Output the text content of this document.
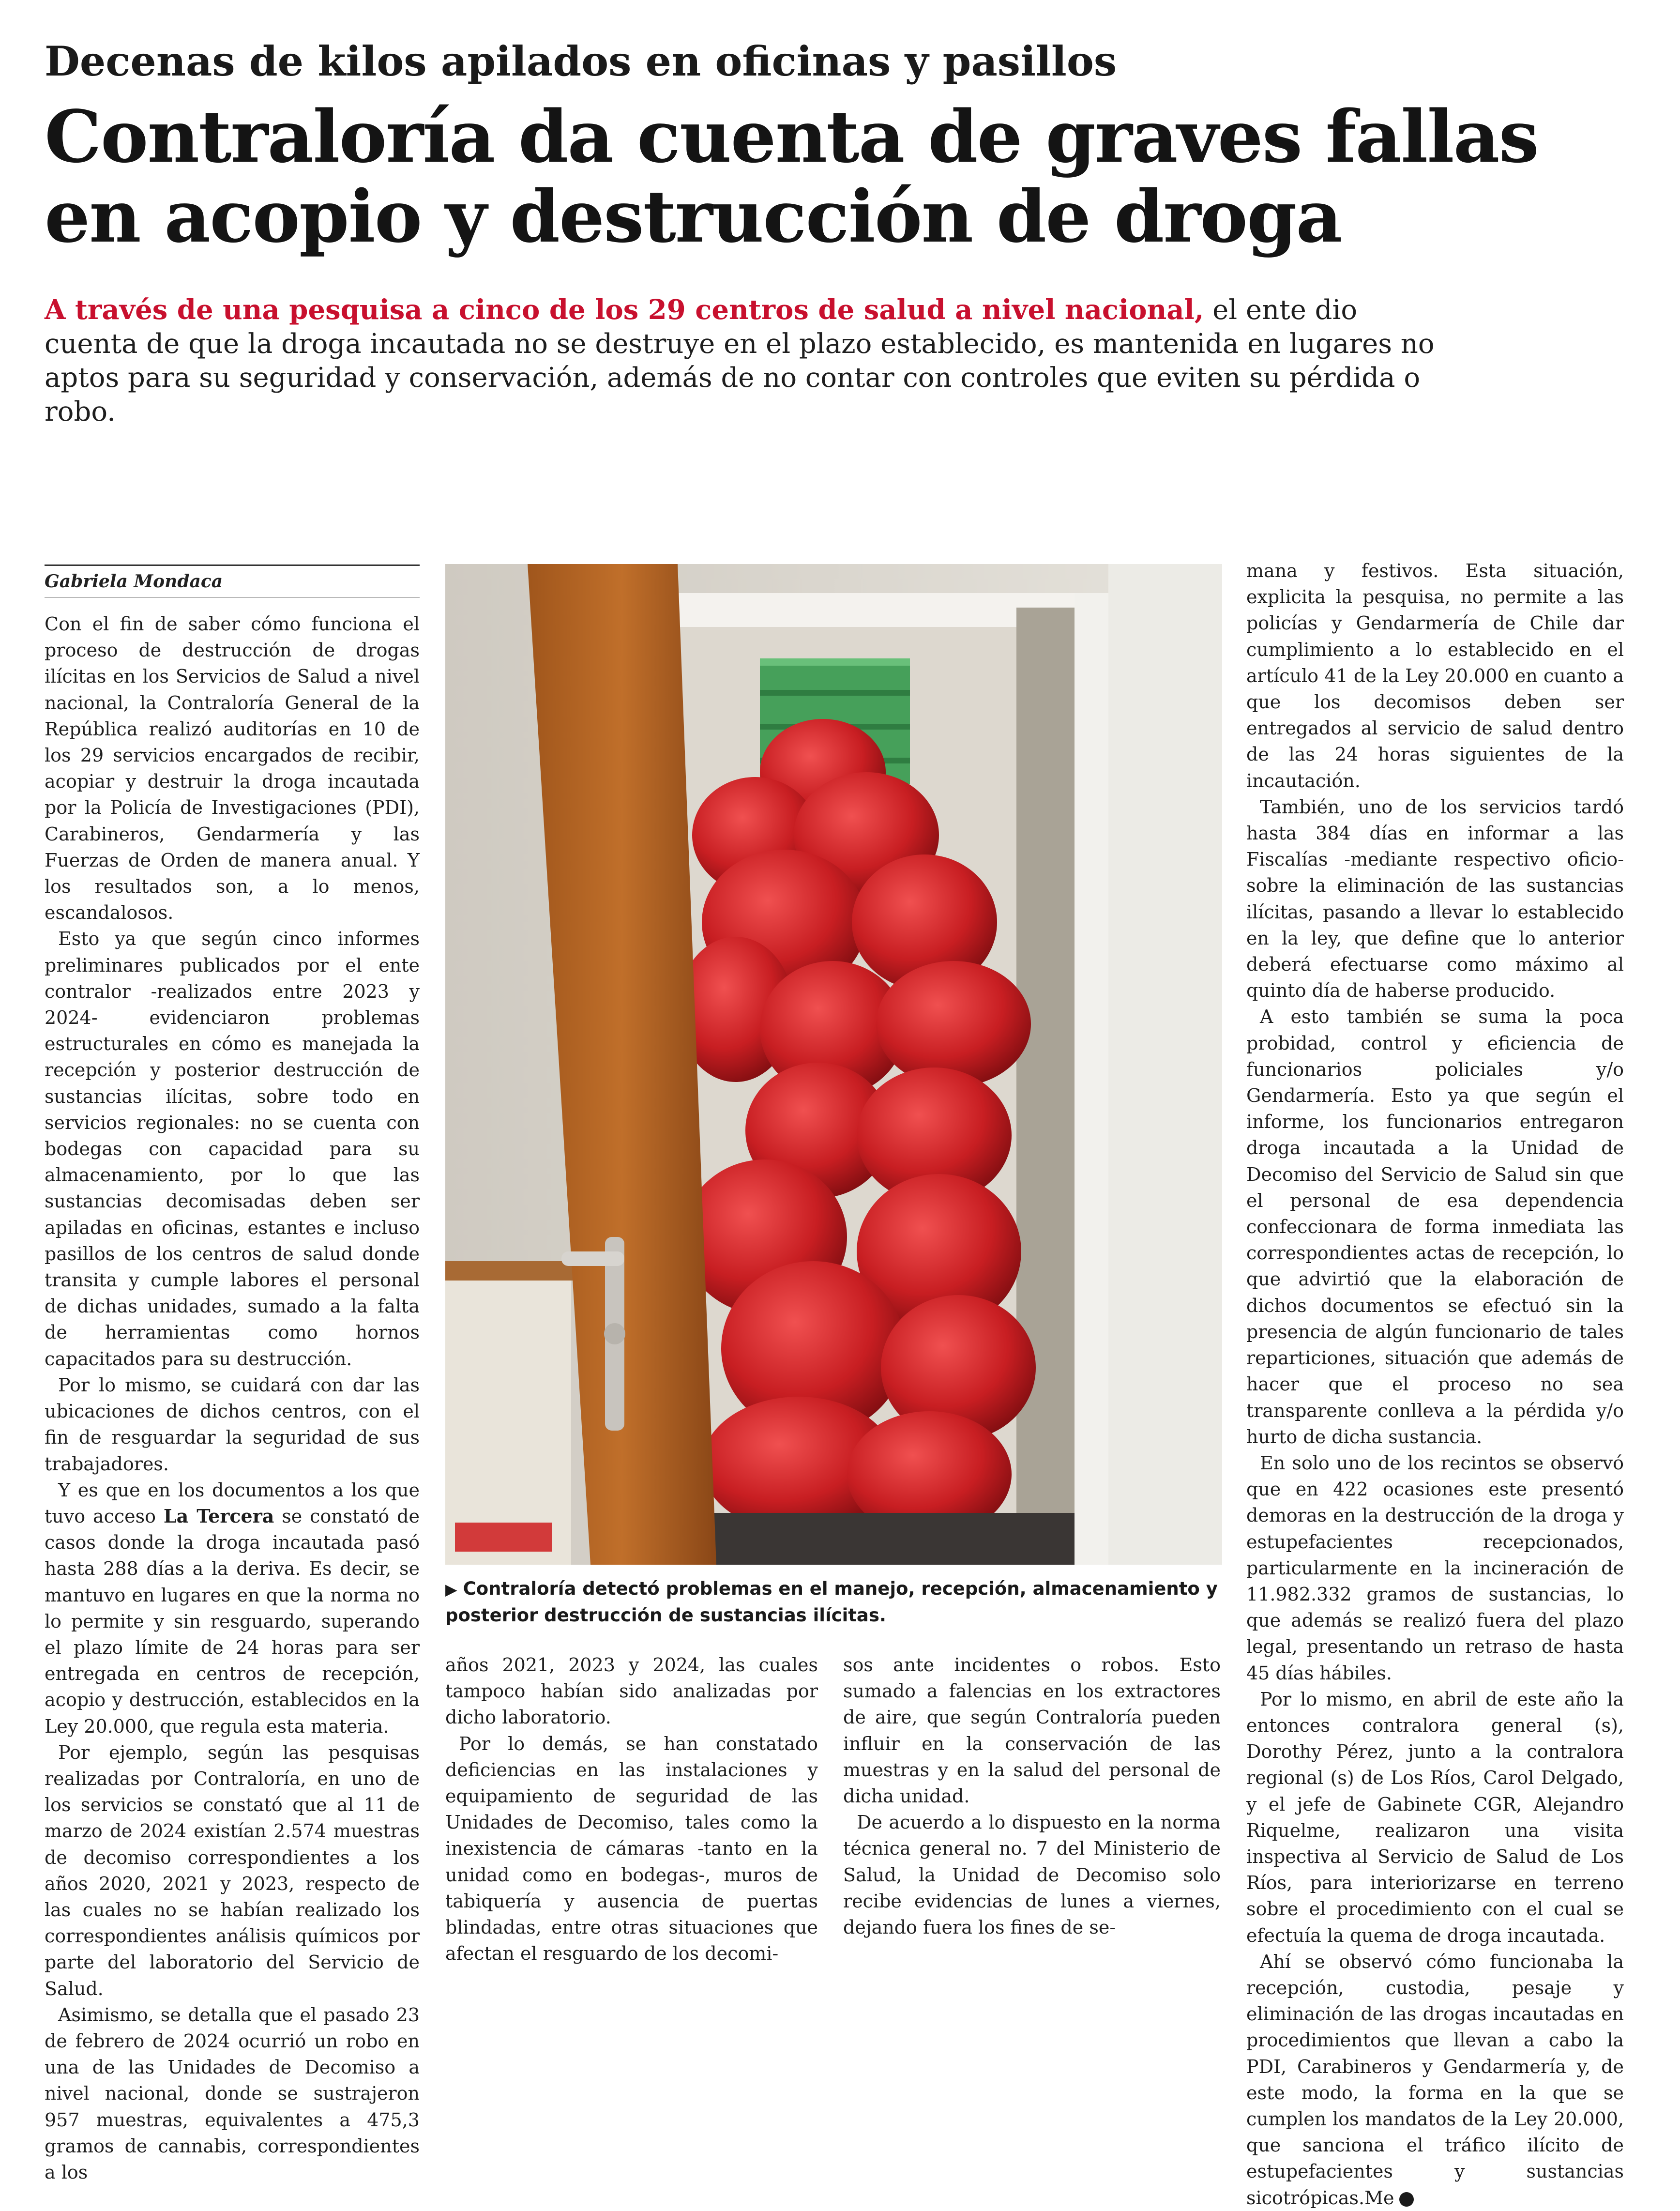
Decenas de kilos apilados en oficinas y pasillos
Contraloría da cuenta de graves fallas
en acopio y destrucción de droga

A través de una pesquisa a cinco de los 29 centros de salud a nivel nacional, el ente dio cuenta de que la droga incautada no se destruye en el plazo establecido, es mantenida en lugares no aptos para su seguridad y conservación, además de no contar con controles que eviten su pérdida o robo.

Gabriela Mondaca

Con el fin de saber cómo funciona el proceso de destrucción de drogas ilícitas en los Servicios de Salud a nivel nacional, la Contraloría General de la República realizó auditorías en 10 de los 29 servicios encargados de recibir, acopiar y destruir la droga incautada por la Policía de Investigaciones (PDI), Carabineros, Gendarmería y las Fuerzas de Orden de manera anual. Y los resultados son, a lo menos, escandalosos.

Esto ya que según cinco informes preliminares publicados por el ente contralor -realizados entre 2023 y 2024- evidenciaron problemas estructurales en cómo es manejada la recepción y posterior destrucción de sustancias ilícitas, sobre todo en servicios regionales: no se cuenta con bodegas con capacidad para su almacenamiento, por lo que las sustancias decomisadas deben ser apiladas en oficinas, estantes e incluso pasillos de los centros de salud donde transita y cumple labores el personal de dichas unidades, sumado a la falta de herramientas como hornos capacitados para su destrucción.

Por lo mismo, se cuidará con dar las ubicaciones de dichos centros, con el fin de resguardar la seguridad de sus trabajadores.

Y es que en los documentos a los que tuvo acceso La Tercera se constató de casos donde la droga incautada pasó hasta 288 días a la deriva. Es decir, se mantuvo en lugares en que la norma no lo permite y sin resguardo, superando el plazo límite de 24 horas para ser entregada en centros de recepción, acopio y destrucción, establecidos en la Ley 20.000, que regula esta materia.

Por ejemplo, según las pesquisas realizadas por Contraloría, en uno de los servicios se constató que al 11 de marzo de 2024 existían 2.574 muestras de decomiso correspondientes a los años 2020, 2021 y 2023, respecto de las cuales no se habían realizado los correspondientes análisis químicos por parte del laboratorio del Servicio de Salud.

Asimismo, se detalla que el pasado 23 de febrero de 2024 ocurrió un robo en una de las Unidades de Decomiso a nivel nacional, donde se sustrajeron 957 muestras, equivalentes a 475,3 gramos de cannabis, correspondientes a los

▶ Contraloría detectó problemas en el manejo, recepción, almacenamiento y posterior destrucción de sustancias ilícitas.

años 2021, 2023 y 2024, las cuales tampoco habían sido analizadas por dicho laboratorio.

Por lo demás, se han constatado deficiencias en las instalaciones y equipamiento de seguridad de las Unidades de Decomiso, tales como la inexistencia de cámaras -tanto en la unidad como en bodegas-, muros de tabiquería y ausencia de puertas blindadas, entre otras situaciones que afectan el resguardo de los decomi-

sos ante incidentes o robos. Esto sumado a falencias en los extractores de aire, que según Contraloría pueden influir en la conservación de las muestras y en la salud del personal de dicha unidad.

De acuerdo a lo dispuesto en la norma técnica general no. 7 del Ministerio de Salud, la Unidad de Decomiso solo recibe evidencias de lunes a viernes, dejando fuera los fines de se-

mana y festivos. Esta situación, explicita la pesquisa, no permite a las policías y Gendarmería de Chile dar cumplimiento a lo establecido en el artículo 41 de la Ley 20.000 en cuanto a que los decomisos deben ser entregados al servicio de salud dentro de las 24 horas siguientes de la incautación.

También, uno de los servicios tardó hasta 384 días en informar a las Fiscalías -mediante respectivo oficio- sobre la eliminación de las sustancias ilícitas, pasando a llevar lo establecido en la ley, que define que lo anterior deberá efectuarse como máximo al quinto día de haberse producido.

A esto también se suma la poca probidad, control y eficiencia de funcionarios policiales y/o Gendarmería. Esto ya que según el informe, los funcionarios entregaron droga incautada a la Unidad de Decomiso del Servicio de Salud sin que el personal de esa dependencia confeccionara de forma inmediata las correspondientes actas de recepción, lo que advirtió que la elaboración de dichos documentos se efectuó sin la presencia de algún funcionario de tales reparticiones, situación que además de hacer que el proceso no sea transparente conlleva a la pérdida y/o hurto de dicha sustancia.

En solo uno de los recintos se observó que en 422 ocasiones este presentó demoras en la destrucción de la droga y estupefacientes recepcionados, particularmente en la incineración de 11.982.332 gramos de sustancias, lo que además se realizó fuera del plazo legal, presentando un retraso de hasta 45 días hábiles.

Por lo mismo, en abril de este año la entonces contralora general (s), Dorothy Pérez, junto a la contralora regional (s) de Los Ríos, Carol Delgado, y el jefe de Gabinete CGR, Alejandro Riquelme, realizaron una visita inspectiva al Servicio de Salud de Los Ríos, para interiorizarse en terreno sobre el procedimiento con el cual se efectuía la quema de droga incautada.

Ahí se observó cómo funcionaba la recepción, custodia, pesaje y eliminación de las drogas incautadas en procedimientos que llevan a cabo la PDI, Carabineros y Gendarmería y, de este modo, la forma en la que se cumplen los mandatos de la Ley 20.000, que sanciona el tráfico ilícito de estupefacientes y sustancias sicotrópicas.Me
